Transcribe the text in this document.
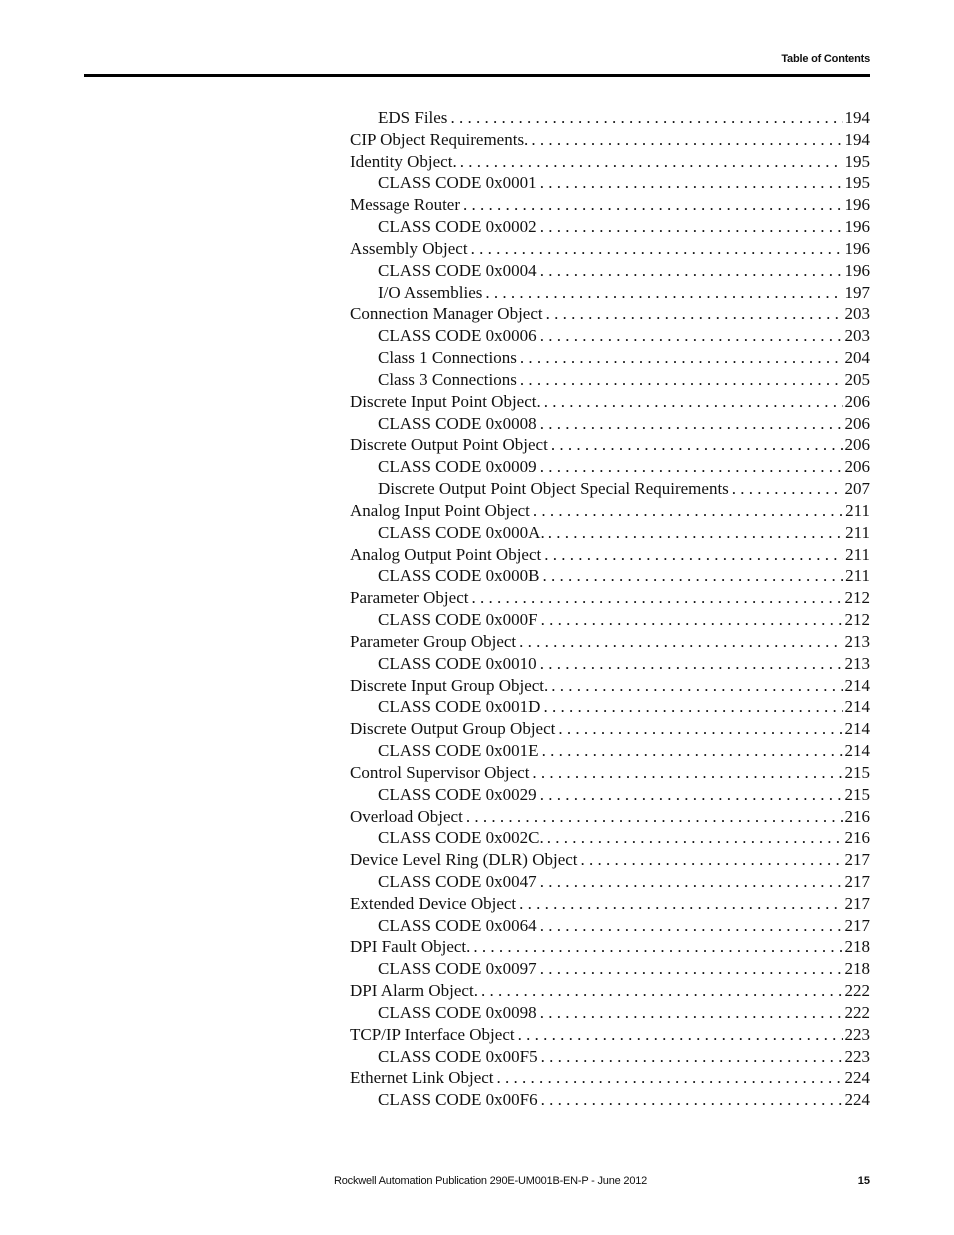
Table of Contents
EDS Files . . .	194
CIP Object Requirements. . . .	194
Identity Object. . . .	195
CLASS CODE 0x0001 . . .	195
Message Router . . .	196
CLASS CODE 0x0002 . . .	196
Assembly Object . . .	196
CLASS CODE 0x0004 . . .	196
I/O Assemblies . . .	197
Connection Manager Object . . .	203
CLASS CODE 0x0006 . . .	203
Class 1 Connections . . .	204
Class 3 Connections . . .	205
Discrete Input Point Object. . . .	206
CLASS CODE 0x0008 . . .	206
Discrete Output Point Object . . .	206
CLASS CODE 0x0009 . . .	206
Discrete Output Point Object Special Requirements . . .	207
Analog Input Point Object . . .	211
CLASS CODE 0x000A. . . .	211
Analog Output Point Object . . .	211
CLASS CODE 0x000B . . .	211
Parameter Object . . .	212
CLASS CODE 0x000F . . .	212
Parameter Group Object . . .	213
CLASS CODE 0x0010 . . .	213
Discrete Input Group Object. . . .	214
CLASS CODE 0x001D . . .	214
Discrete Output Group Object . . .	214
CLASS CODE 0x001E . . .	214
Control Supervisor Object . . .	215
CLASS CODE 0x0029 . . .	215
Overload Object . . .	216
CLASS CODE 0x002C. . . .	216
Device Level Ring (DLR) Object . . .	217
CLASS CODE 0x0047 . . .	217
Extended Device Object . . .	217
CLASS CODE 0x0064 . . .	217
DPI Fault Object. . . .	218
CLASS CODE 0x0097 . . .	218
DPI Alarm Object. . . .	222
CLASS CODE 0x0098 . . .	222
TCP/IP Interface Object . . .	223
CLASS CODE 0x00F5 . . .	223
Ethernet Link Object . . .	224
CLASS CODE 0x00F6 . . .	224
Rockwell Automation Publication 290E-UM001B-EN-P - June 2012	15
